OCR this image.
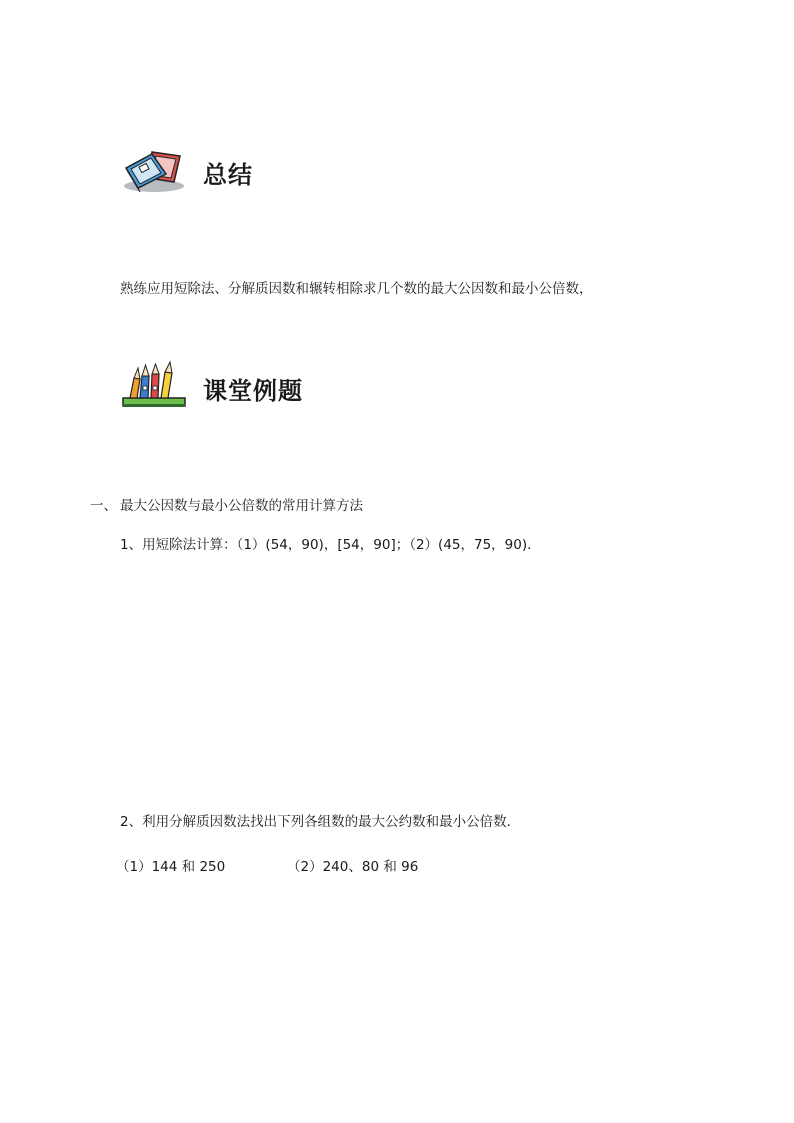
总结
熟练应用短除法、分解质因数和辗转相除求几个数的最大公因数和最小公倍数，
课堂例题
一、 最大公因数与最小公倍数的常用计算方法
1、用短除法计算：（1）(54，90)，[54，90]；（2）(45，75，90)．
2、利用分解质因数法找出下列各组数的最大公约数和最小公倍数．
（1）144 和 250	（2）240、80 和 96
